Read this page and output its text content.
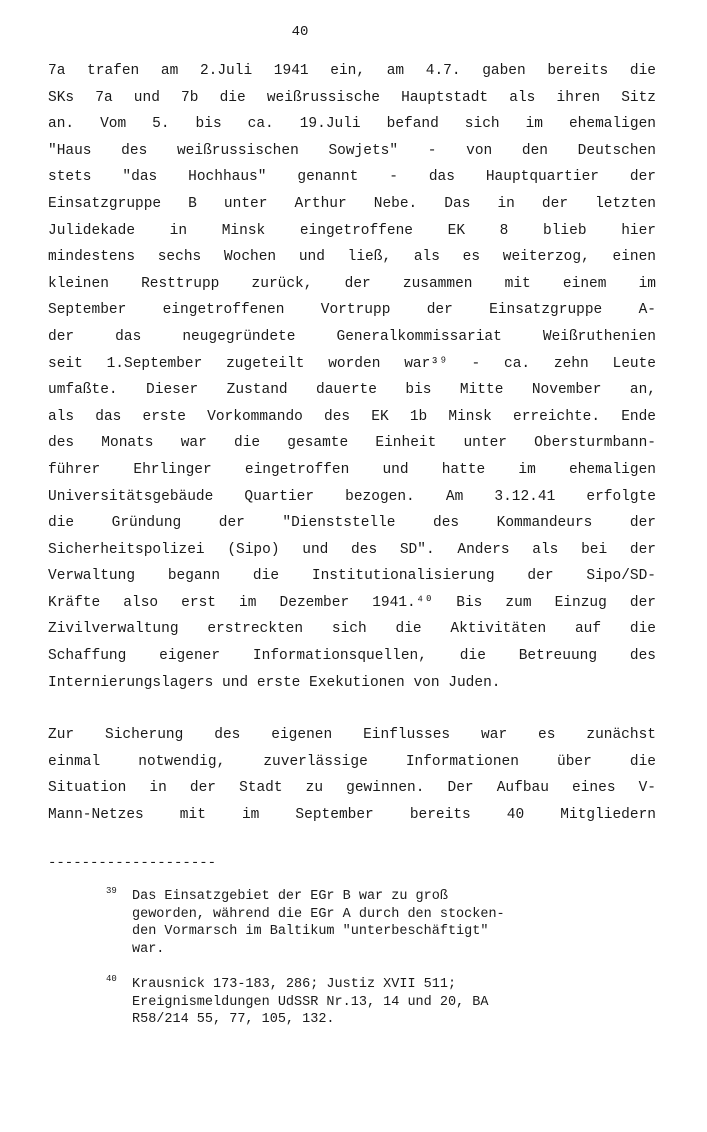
40
7a trafen am 2.Juli 1941 ein, am 4.7. gaben bereits die
SKs 7a und 7b die weißrussische Hauptstadt als ihren Sitz
an. Vom 5. bis ca. 19.Juli befand sich im ehemaligen
"Haus des weißrussischen Sowjets" - von den Deutschen
stets "das Hochhaus" genannt - das Hauptquartier der
Einsatzgruppe B unter Arthur Nebe. Das in der letzten
Julidekade in Minsk eingetroffene EK 8 blieb hier
mindestens sechs Wochen und ließ, als es weiterzog, einen
kleinen Resttrupp zurück, der zusammen mit einem im
September eingetroffenen Vortrupp der Einsatzgruppe A-
der das neugegründete Generalkommissariat Weißruthenien
seit 1.September zugeteilt worden war³⁹ - ca. zehn Leute
umfaßte. Dieser Zustand dauerte bis Mitte November an,
als das erste Vorkommando des EK 1b Minsk erreichte. Ende
des Monats war die gesamte Einheit unter Obersturmbann-
führer Ehrlinger eingetroffen und hatte im ehemaligen
Universitätsgebäude Quartier bezogen. Am 3.12.41 erfolgte
die Gründung der "Dienststelle des Kommandeurs der
Sicherheitspolizei (Sipo) und des SD". Anders als bei der
Verwaltung begann die Institutionalisierung der Sipo/SD-
Kräfte also erst im Dezember 1941.⁴⁰ Bis zum Einzug der
Zivilverwaltung erstreckten sich die Aktivitäten auf die
Schaffung eigener Informationsquellen, die Betreuung des
Internierungslagers und erste Exekutionen von Juden.
Zur Sicherung des eigenen Einflusses war es zunächst
einmal notwendig, zuverlässige Informationen über die
Situation in der Stadt zu gewinnen. Der Aufbau eines V-
Mann-Netzes mit im September bereits 40 Mitgliedern
--------------------
39 Das Einsatzgebiet der EGr B war zu groß
geworden, während die EGr A durch den stocken-
den Vormarsch im Baltikum "unterbeschäftigt"
war.
40 Krausnick 173-183, 286; Justiz XVII 511;
Ereignismeldungen UdSSR Nr.13, 14 und 20, BA
R58/214 55, 77, 105, 132.
